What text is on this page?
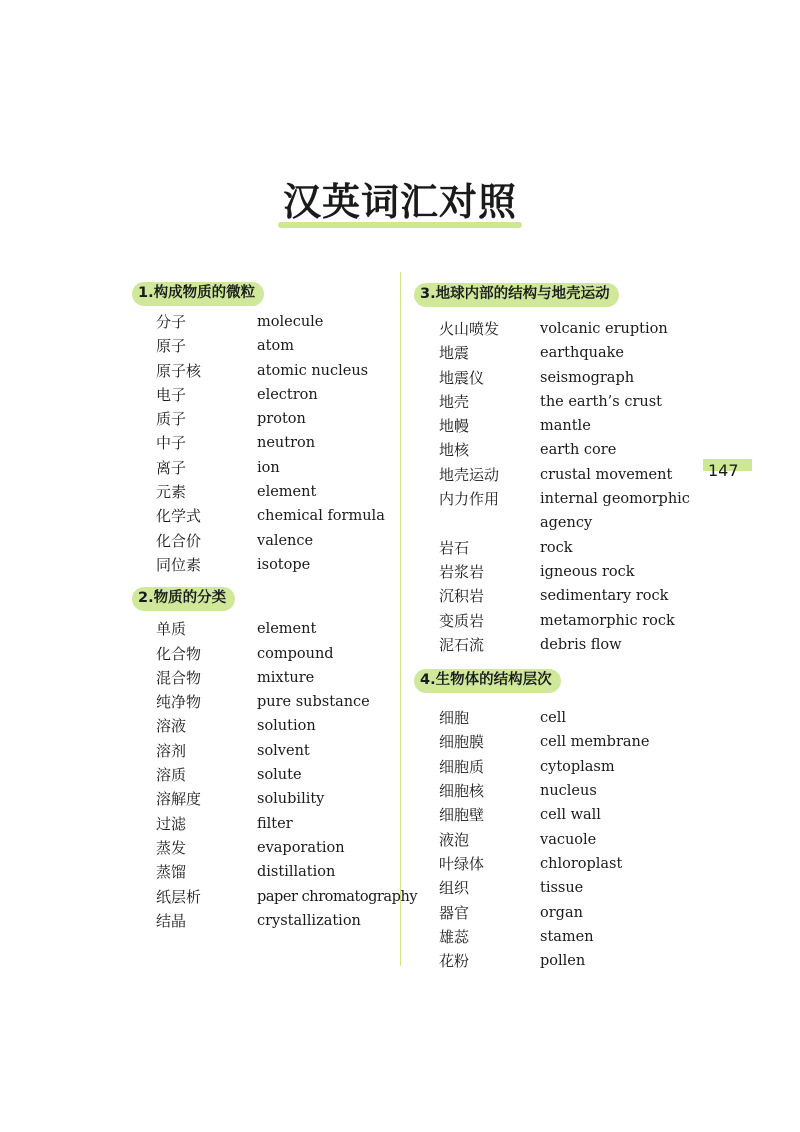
汉英词汇对照
1.构成物质的微粒
分子	molecule
原子	atom
原子核	atomic nucleus
电子	electron
质子	proton
中子	neutron
离子	ion
元素	element
化学式	chemical formula
化合价	valence
同位素	isotope
2.物质的分类
单质	element
化合物	compound
混合物	mixture
纯净物	pure substance
溶液	solution
溶剂	solvent
溶质	solute
溶解度	solubility
过滤	filter
蒸发	evaporation
蒸馏	distillation
纸层析	paper chromatography
结晶	crystallization
3.地球内部的结构与地壳运动
火山喷发	volcanic eruption
地震	earthquake
地震仪	seismograph
地壳	the earth’s crust
地幔	mantle
地核	earth core
地壳运动	crustal movement
内力作用	internal geomorphic
agency
岩石	rock
岩浆岩	igneous rock
沉积岩	sedimentary rock
变质岩	metamorphic rock
泥石流	debris flow
4.生物体的结构层次
细胞	cell
细胞膜	cell membrane
细胞质	cytoplasm
细胞核	nucleus
细胞壁	cell wall
液泡	vacuole
叶绿体	chloroplast
组织	tissue
器官	organ
雄蕊	stamen
花粉	pollen
147
